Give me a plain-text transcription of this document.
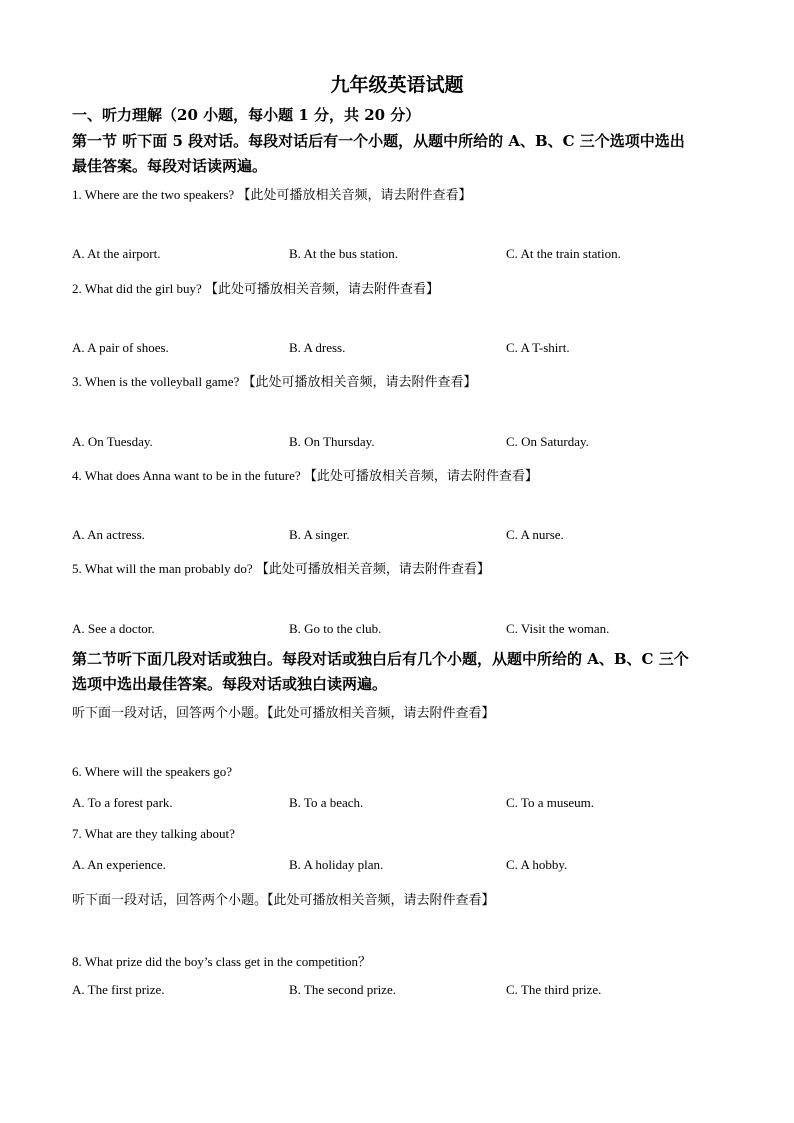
九年级英语试题
一、听力理解（20 小题，每小题 1 分，共 20 分）
第一节 听下面 5 段对话。每段对话后有一个小题，从题中所给的 A、B、C 三个选项中选出
最佳答案。每段对话读两遍。
1. Where are the two speakers? 【此处可播放相关音频，请去附件查看】
A. At the airport.	B. At the bus station.	C. At the train station.
2. What did the girl buy? 【此处可播放相关音频，请去附件查看】
A. A pair of shoes.	B. A dress.	C. A T-shirt.
3. When is the volleyball game? 【此处可播放相关音频，请去附件查看】
A. On Tuesday.	B. On Thursday.	C. On Saturday.
4. What does Anna want to be in the future? 【此处可播放相关音频，请去附件查看】
A. An actress.	B. A singer.	C. A nurse.
5. What will the man probably do? 【此处可播放相关音频，请去附件查看】
A. See a doctor.	B. Go to the club.	C. Visit the woman.
第二节听下面几段对话或独白。每段对话或独白后有几个小题，从题中所给的 A、B、C 三个
选项中选出最佳答案。每段对话或独白读两遍。
听下面一段对话，回答两个小题。【此处可播放相关音频，请去附件查看】
6. Where will the speakers go?
A. To a forest park.	B. To a beach.	C. To a museum.
7. What are they talking about?
A. An experience.	B. A holiday plan.	C. A hobby.
听下面一段对话，回答两个小题。【此处可播放相关音频，请去附件查看】
8. What prize did the boy’s class get in the competition？
A. The first prize.	B. The second prize.	C. The third prize.
